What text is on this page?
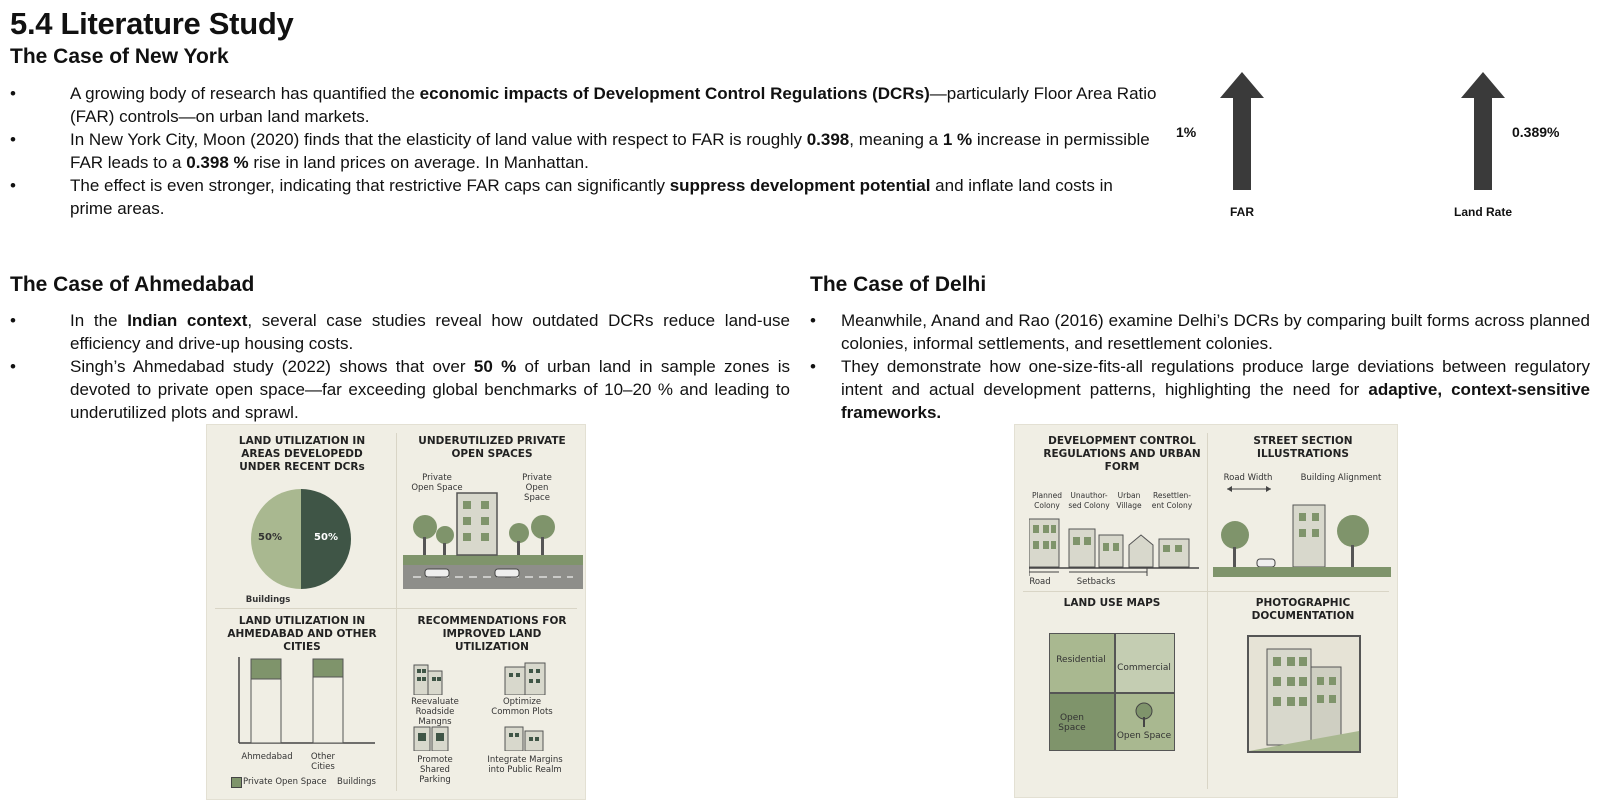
5.4 Literature Study
The Case of New York
•	A growing body of research has quantified the economic impacts of Development Control Regulations (DCRs)—particularly Floor Area Ratio (FAR) controls—on urban land markets.
•	In New York City, Moon (2020) finds that the elasticity of land value with respect to FAR is roughly 0.398, meaning a 1 % increase in permissible FAR leads to a 0.398 % rise in land prices on average. In Manhattan.
•	The effect is even stronger, indicating that restrictive FAR caps can significantly suppress development potential and inflate land costs in prime areas.
1%
FAR
0.389%
Land Rate
The Case of Ahmedabad
•	In the Indian context, several case studies reveal how outdated DCRs reduce land-use efficiency and drive-up housing costs.
•	Singh’s Ahmedabad study (2022) shows that over 50 % of urban land in sample zones is devoted to private open space—far exceeding global benchmarks of 10–20 % and leading to underutilized plots and sprawl.
LAND UTILIZATION IN AREAS DEVELOPEDD UNDER RECENT DCRs
50%	50%
Buildings
UNDERUTILIZED PRIVATE OPEN SPACES
Private Open Space
Private Open Space
LAND UTILIZATION IN AHMEDABAD AND OTHER CITIES
Ahmedabad	Other Cities
Private Open Space	Buildings
RECOMMENDATIONS FOR IMPROVED LAND UTILIZATION
Reevaluate Roadside Mangns
Optimize Common Plots
Promote Shared Parking
Integrate Margins into Public Realm
The Case of Delhi
• Meanwhile, Anand and Rao (2016) examine Delhi’s DCRs by comparing built forms across planned colonies, informal settlements, and resettlement colonies.
• They demonstrate how one-size-fits-all regulations produce large deviations between regulatory intent and actual development patterns, highlighting the need for adaptive, context-sensitive frameworks.
DEVELOPMENT CONTROL REGULATIONS AND URBAN FORM
Planned Colony
Unauthor- sed Colony
Urban Village
Resettlen- ent Colony
Road	Setbacks
STREET SECTION ILLUSTRATIONS
Road Width	Building Alignment
LAND USE MAPS
Residential
Commercial
Open Space
Open Space
PHOTOGRAPHIC DOCUMENTATION
